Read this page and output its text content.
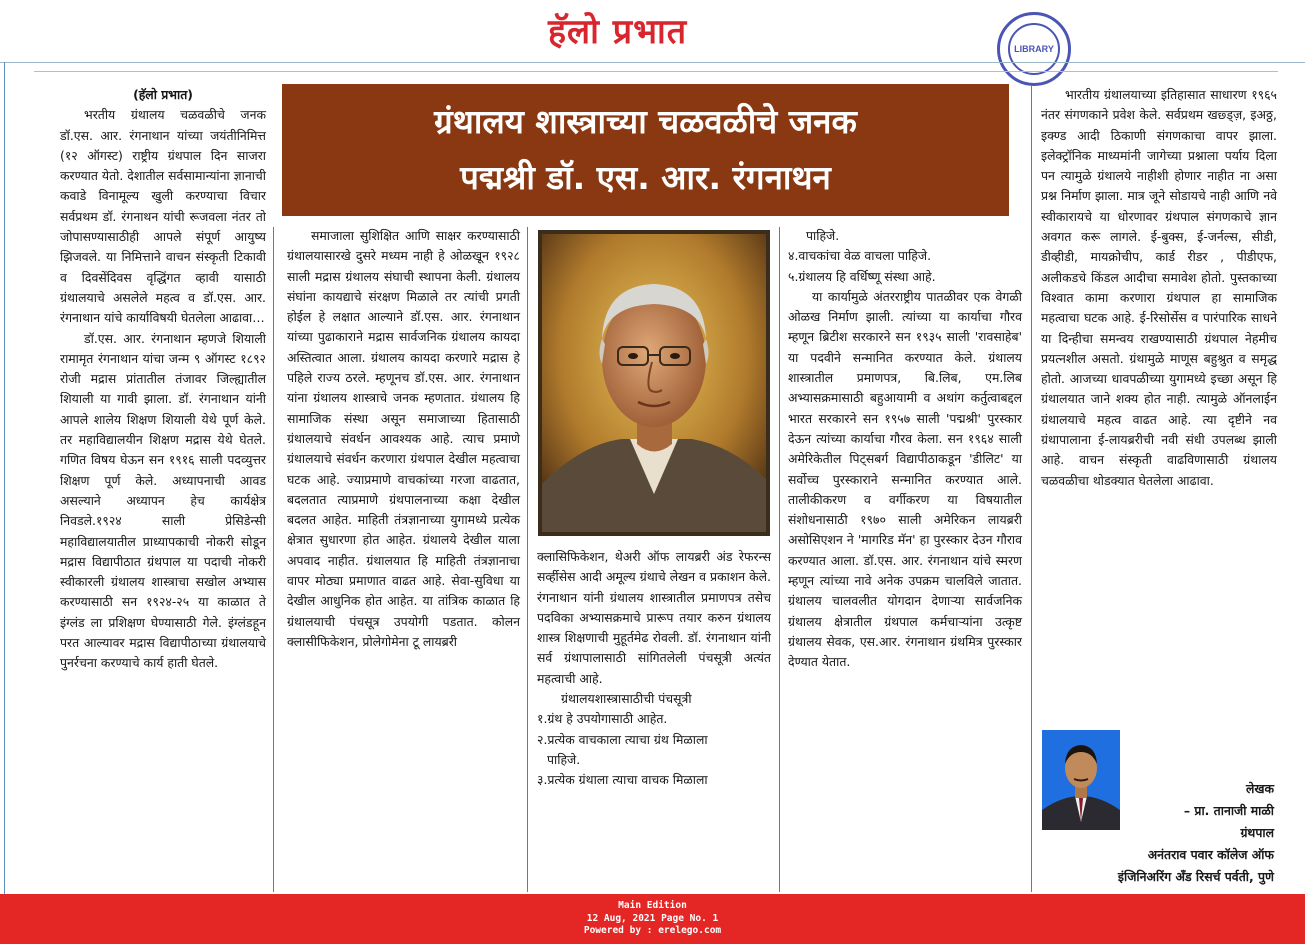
हॅलो प्रभात	LIBRARY

(हॅलो प्रभात)

भरतीय ग्रंथालय चळवळीचे जनक डॉ.एस. आर. रंगनाथान यांच्या जयंतीनिमित्त (१२ ऑगस्ट) राष्ट्रीय ग्रंथपाल दिन साजरा करण्यात येतो. देशातील सर्वसामान्यांना ज्ञानाची कवाडे विनामूल्य खुली करण्याचा विचार सर्वप्रथम डॉ. रंगनाथन यांची रूजवला नंतर तो जोपासण्यासाठीही आपले संपूर्ण आयुष्य झिजवले. या निमित्ताने वाचन संस्कृती टिकावी व दिवसेंदिवस वृद्धिंगत व्हावी यासाठी ग्रंथालयाचे असलेले महत्व व डॉ.एस. आर. रंगनाथान यांचे कार्याविषयी घेतलेला आढावा…

डॉ.एस. आर. रंगनाथान म्हणजे शियाली रामामृत रंगनाथान यांचा जन्म ९ ऑगस्ट १८९२ रोजी मद्रास प्रांतातील तंजावर जिल्ह्यातील शियाली या गावी झाला. डॉ. रंगनाथान यांनी आपले शालेय शिक्षण शियाली येथे पूर्ण केले. तर महाविद्यालयीन शिक्षण मद्रास येथे घेतले. गणित विषय घेऊन सन १९१६ साली पदव्युत्तर शिक्षण पूर्ण केले. अध्यापनाची आवड असल्याने अध्यापन हेच कार्यक्षेत्र निवडले.१९२४ साली प्रेसिडेन्सी महाविद्यालयातील प्राध्यापकाची नोकरी सोडून मद्रास विद्यापीठात ग्रंथपाल या पदाची नोकरी स्वीकारली ग्रंथालय शास्त्राचा सखोल अभ्यास करण्यासाठी सन १९२४-२५ या काळात ते इंग्लंड ला प्रशिक्षण घेण्यासाठी गेले. इंग्लंडहून परत आल्यावर मद्रास विद्यापीठाच्या ग्रंथालयाचे पुनर्रचना करण्याचे कार्य हाती घेतले.

ग्रंथालय शास्त्राच्या चळवळीचे जनक
पद्मश्री डॉ. एस. आर. रंगनाथन

समाजाला सुशिक्षित आणि साक्षर करण्यासाठी ग्रंथालयासारखे दुसरे मध्यम नाही हे ओळखून १९२८ साली मद्रास ग्रंथालय संघाची स्थापना केली. ग्रंथालय संघांना कायद्याचे संरक्षण मिळाले तर त्यांची प्रगती होईल हे लक्षात आल्याने डॉ.एस. आर. रंगनाथान यांच्या पुढाकाराने मद्रास सार्वजनिक ग्रंथालय कायदा अस्तित्वात आला. ग्रंथालय कायदा करणारे मद्रास हे पहिले राज्य ठरले. म्हणूनच डॉ.एस. आर. रंगनाथान यांना ग्रंथालय शास्त्राचे जनक म्हणतात. ग्रंथालय हि सामाजिक संस्था असून समाजाच्या हितासाठी ग्रंथालयाचे संवर्धन आवश्यक आहे. त्याच प्रमाणे ग्रंथालयाचे संवर्धन करणारा ग्रंथपाल देखील महत्वाचा घटक आहे. ज्याप्रमाणे वाचकांच्या गरजा वाढतात, बदलतात त्याप्रमाणे ग्रंथपालनाच्या कक्षा देखील बदलत आहेत. माहिती तंत्रज्ञानाच्या युगामध्ये प्रत्येक क्षेत्रात सुधारणा होत आहेत. ग्रंथालये देखील याला अपवाद नाहीत. ग्रंथालयात हि माहिती तंत्रज्ञानाचा वापर मोठ्या प्रमाणात वाढत आहे. सेवा-सुविधा या देखील आधुनिक होत आहेत. या तांत्रिक काळात हि ग्रंथालयाची पंचसूत्र उपयोगी पडतात. कोलन क्लासीफिकेशन, प्रोलेगोमेना टू लायब्ररी

क्लासिफिकेशन, थेअरी ऑफ लायब्ररी अंड रेफरन्स सर्व्हीसेस आदी अमूल्य ग्रंथाचे लेखन व प्रकाशन केले. रंगनाथान यांनी ग्रंथालय शास्त्रातील प्रमाणपत्र तसेच पदविका अभ्यासक्रमाचे प्रारूप तयार करुन ग्रंथालय शास्त्र शिक्षणाची मुहूर्तमेढ रोवली. डॉ. रंगनाथान यांनी सर्व ग्रंथापालासाठी सांगितलेली पंचसूत्री अत्यंत महत्वाची आहे.

ग्रंथालयशास्त्रासाठीची पंचसूत्री

१.ग्रंथ हे उपयोगासाठी आहेत.

२.प्रत्येक वाचकाला त्याचा ग्रंथ मिळाला

पाहिजे.

३.प्रत्येक ग्रंथाला त्याचा वाचक मिळाला

पाहिजे.

४.वाचकांचा वेळ वाचला पाहिजे.

५.ग्रंथालय हि वर्धिष्णू संस्था आहे.

या कार्यामुळे अंतरराष्ट्रीय पातळीवर एक वेगळी ओळख निर्माण झाली. त्यांच्या या कार्याचा गौरव म्हणून ब्रिटीश सरकारने सन १९३५ साली 'रावसाहेब' या पदवीने सन्मानित करण्यात केले. ग्रंथालय शास्त्रातील प्रमाणपत्र, बि.लिब, एम.लिब अभ्यासक्रमासाठी बहुआयामी व अथांग कर्तुत्वाबद्दल भारत सरकारने सन १९५७ साली 'पद्मश्री' पुरस्कार देऊन त्यांच्या कार्याचा गौरव केला. सन १९६४ साली अमेरिकेतील पिट्सबर्ग विद्यापीठाकडून 'डीलिट' या सर्वोच्च पुरस्काराने सन्मानित करण्यात आले. तालीकीकरण व वर्गीकरण या विषयातील संशोधनासाठी १९७० साली अमेरिकन लायब्ररी असोसिएशन ने 'मागरिड मॅन' हा पुरस्कार देउन गौराव करण्यात आला. डॉ.एस. आर. रंगनाथान यांचे स्मरण म्हणून त्यांच्या नावे अनेक उपक्रम चालविले जातात. ग्रंथालय चालवलीत योगदान देणाऱ्या सार्वजनिक ग्रंथालय क्षेत्रातील ग्रंथपाल कर्मचाऱ्यांना उत्कृष्ट ग्रंथालय सेवक, एस.आर. रंगनाथान ग्रंथमित्र पुरस्कार देण्यात येतात.

भारतीय ग्रंथालयाच्या इतिहासात साधारण १९६५ नंतर संगणकाने प्रवेश केले. सर्वप्रथम खछ्ड्ज़, इअठ्ठ, इक्ण्ड आदी ठिकाणी संगणकाचा वापर झाला. इलेक्ट्रॉनिक माध्यमांनी जागेच्या प्रश्नाला पर्याय दिला पन त्यामुळे ग्रंथालये नाहीशी होणार नाहीत ना असा प्रश्न निर्माण झाला. मात्र जूने सोडायचे नाही आणि नवे स्वीकारायचे या धोरणावर ग्रंथपाल संगणकाचे ज्ञान अवगत करू लागले. ई-बुक्स, ई-जर्नल्स, सीडी, डीव्हीडी, मायक्रोचीप, कार्ड रीडर , पीडीएफ, अलीकडचे किंडल आदीचा समावेश होतो. पुस्तकाच्या विश्वात कामा करणारा ग्रंथपाल हा सामाजिक महत्वाचा घटक आहे. ई-रिसोर्सेस व पारंपारिक साधने या दिन्हीचा समन्वय राखण्यासाठी ग्रंथपाल नेहमीच प्रयत्नशील असतो. ग्रंथामुळे माणूस बहुश्रुत व समृद्ध होतो. आजच्या धावपळीच्या युगामध्ये इच्छा असून हि ग्रंथालयात जाने शक्य होत नाही. त्यामुळे ऑनलाईन ग्रंथालयाचे महत्व वाढत आहे. त्या दृष्टीने नव ग्रंथापालाना ई-लायब्ररीची नवी संधी उपलब्ध झाली आहे. वाचन संस्कृती वाढविणासाठी ग्रंथालय चळवळीचा थोडक्यात घेतलेला आढावा.

लेखक
– प्रा. तानाजी माळी
ग्रंथपाल
अनंतराव पवार कॉलेज ऑफ
इंजिनिअरिंग अँड रिसर्च पर्वती, पुणे
Main Edition
12 Aug, 2021 Page No. 1
Powered by : erelego.com
